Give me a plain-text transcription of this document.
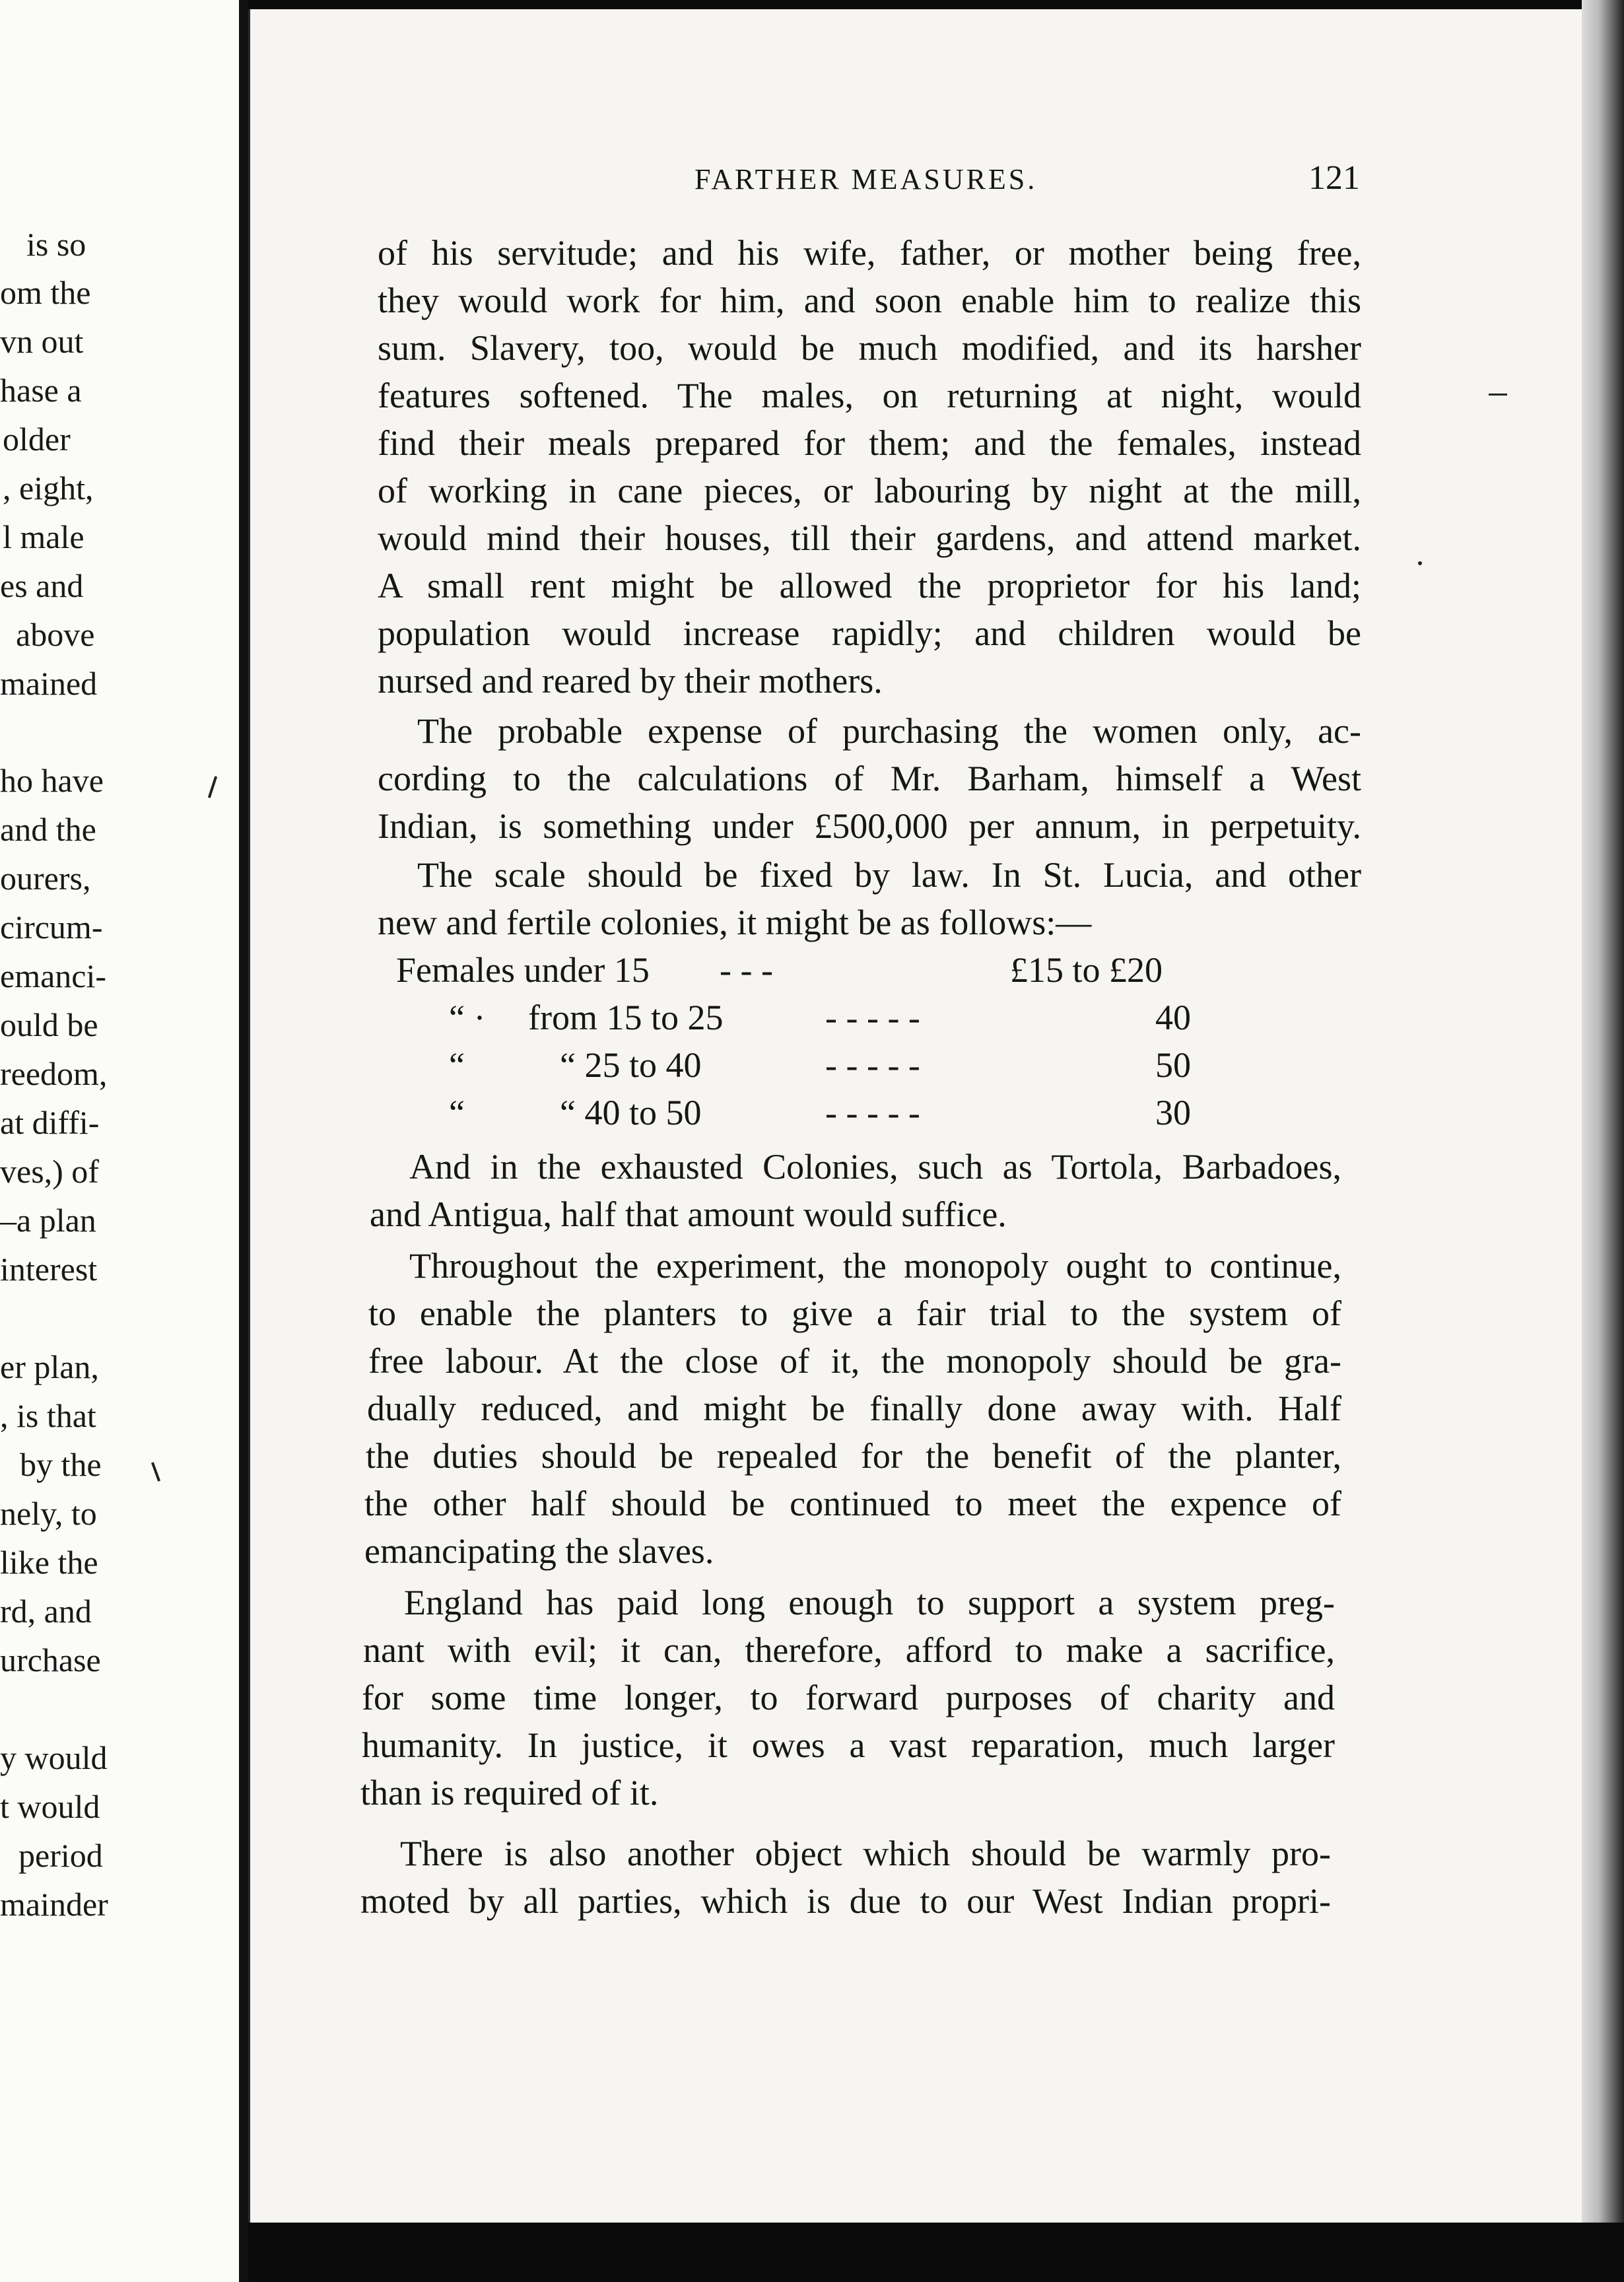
is so
om the
vn out
hase a
older
, eight,
l male
es and
above
mained
ho have
and the
ourers,
circum-
emanci-
ould be
reedom,
at diffi-
ves,) of
–a plan
interest
er plan,
, is that
by the
nely, to
like the
rd, and
urchase
y would
t would
period
mainder
FARTHER MEASURES.	121
of his servitude; and his wife, father, or mother being free,
they would work for him, and soon enable him to realize this
sum. Slavery, too, would be much modified, and its harsher
features softened. The males, on returning at night, would
find their meals prepared for them; and the females, instead
of working in cane pieces, or labouring by night at the mill,
would mind their houses, till their gardens, and attend market.
A small rent might be allowed the proprietor for his land;
population would increase rapidly; and children would be
nursed and reared by their mothers.
The probable expense of purchasing the women only, ac-
cording to the calculations of Mr. Barham, himself a West
Indian, is something under £500,000 per annum, in perpetuity.
The scale should be fixed by law. In St. Lucia, and other
new and fertile colonies, it might be as follows:—
Females under 15 - - -	£15 to £20
“ · from 15 to 25	- - - - -	40
“	“ 25 to 40	- - - - -	50
“	“ 40 to 50	- - - - -	30
And in the exhausted Colonies, such as Tortola, Barbadoes,
and Antigua, half that amount would suffice.
Throughout the experiment, the monopoly ought to continue,
to enable the planters to give a fair trial to the system of
free labour. At the close of it, the monopoly should be gra-
dually reduced, and might be finally done away with. Half
the duties should be repealed for the benefit of the planter,
the other half should be continued to meet the expence of
emancipating the slaves.
England has paid long enough to support a system preg-
nant with evil; it can, therefore, afford to make a sacrifice,
for some time longer, to forward purposes of charity and
humanity. In justice, it owes a vast reparation, much larger
than is required of it.
There is also another object which should be warmly pro-
moted by all parties, which is due to our West Indian propri-
